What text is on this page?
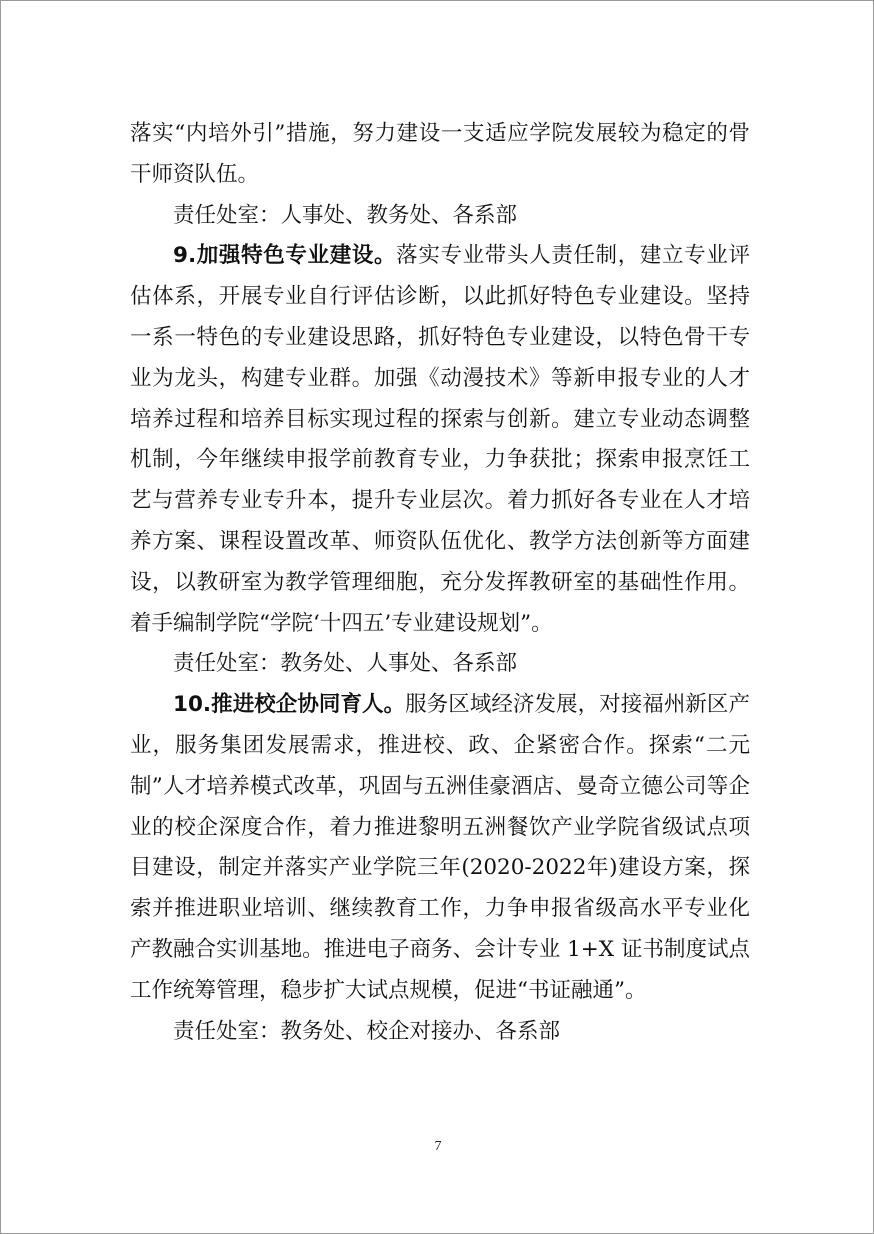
落实“内培外引”措施，努力建设一支适应学院发展较为稳定的骨干师资队伍。

责任处室：人事处、教务处、各系部

9.加强特色专业建设。落实专业带头人责任制，建立专业评估体系，开展专业自行评估诊断，以此抓好特色专业建设。坚持一系一特色的专业建设思路，抓好特色专业建设，以特色骨干专业为龙头，构建专业群。加强《动漫技术》等新申报专业的人才培养过程和培养目标实现过程的探索与创新。建立专业动态调整机制，今年继续申报学前教育专业，力争获批；探索申报烹饪工艺与营养专业专升本，提升专业层次。着力抓好各专业在人才培养方案、课程设置改革、师资队伍优化、教学方法创新等方面建设，以教研室为教学管理细胞，充分发挥教研室的基础性作用。着手编制学院“学院‘十四五’专业建设规划”。

责任处室：教务处、人事处、各系部

10.推进校企协同育人。服务区域经济发展，对接福州新区产业，服务集团发展需求，推进校、政、企紧密合作。探索“二元制”人才培养模式改革，巩固与五洲佳豪酒店、曼奇立德公司等企业的校企深度合作，着力推进黎明五洲餐饮产业学院省级试点项目建设，制定并落实产业学院三年(2020-2022年)建设方案，探索并推进职业培训、继续教育工作，力争申报省级高水平专业化产教融合实训基地。推进电子商务、会计专业 1+X 证书制度试点工作统筹管理，稳步扩大试点规模，促进“书证融通”。

责任处室：教务处、校企对接办、各系部

7
